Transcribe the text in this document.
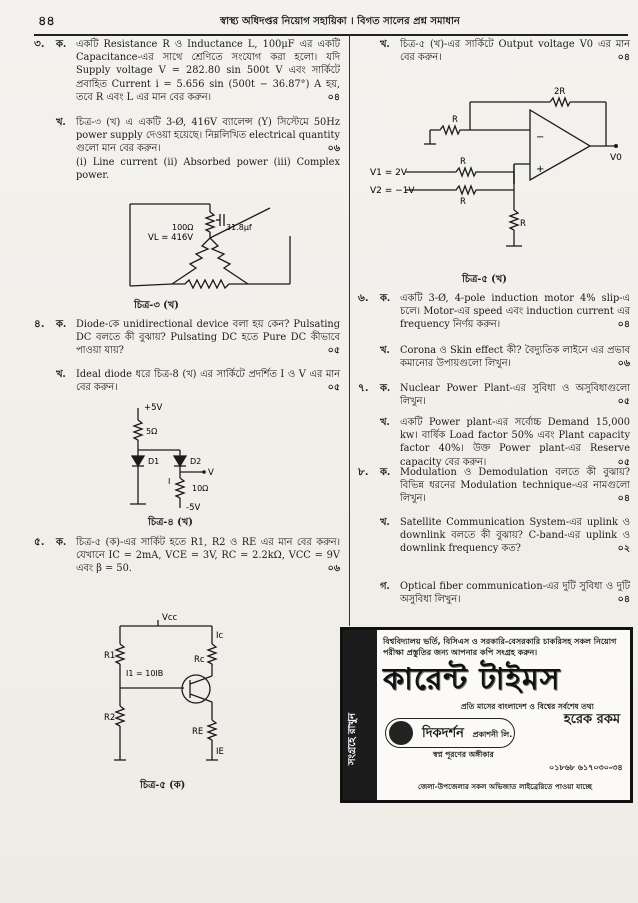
৪৪	স্বাস্থ্য অধিদপ্তর নিয়োগ সহায়িকা । বিগত সালের প্রশ্ন সমাধান
৩. ক. একটি Resistance R ও Inductance L, 100μF এর একটি Capacitance-এর সাথে শ্রেণিতে সংযোগ করা হলো। যদি Supply voltage V = 282.80 sin 500t V এবং সার্কিটে প্রবাহিত Current i = 5.656 sin (500t − 36.87°) A হয়, তবে R এবং L এর মান বের করুন।	০৪
খ. চিত্র-৩ (খ) এ একটি 3-Ø, 416V ব্যালেন্স (Y) সিস্টেমে 50Hz power supply দেওয়া হয়েছে। নিম্নলিখিত electrical quantity গুলো মান বের করুন।	০৬
(i) Line current (ii) Absorbed power (iii) Complex power.
VL = 416V
100Ω	31.8μf
চিত্র-৩ (খ)
৪. ক. Diode-কে unidirectional device বলা হয় কেন? Pulsating DC বলতে কী বুঝায়? Pulsating DC হতে Pure DC কীভাবে পাওয়া যায়?	০৫
খ. Ideal diode ধরে চিত্র-8 (খ) এর সার্কিটে প্রদর্শিত I ও V এর মান বের করুন।	০৫
+5V
5Ω
D1	D2
V
I
10Ω
-5V
চিত্র-৪ (খ)
৫. ক. চিত্র-৫ (ক)-এর সার্কিট হতে R1, R2 ও RE এর মান বের করুন। যেখানে IC = 2mA, VCE = 3V, RC = 2.2kΩ, VCC = 9V এবং β = 50.	০৬
Vcc
R1
I1 = 10IB
Rc
Ic
R2
RE
IE
চিত্র-৫ (ক)
খ. চিত্র-৫ (খ)-এর সার্কিটে Output voltage V0 এর মান বের করুন।	০৪
−
+
2R
R
R
R
R
V1 = 2V
V2 = −1V
V0
চিত্র-৫ (খ)
৬. ক. একটি 3-Ø, 4-pole induction motor 4% slip-এ চলে। Motor-এর speed এবং induction current এর frequency নির্ণয় করুন।	০৪
খ. Corona ও Skin effect কী? বৈদ্যুতিক লাইনে এর প্রভাব কমানোর উপায়গুলো লিখুন।	০৬
৭. ক. Nuclear Power Plant-এর সুবিধা ও অসুবিধাগুলো লিখুন।	০৫
খ. একটি Power plant-এর সর্বোচ্চ Demand 15,000 kw। বার্ষিক Load factor 50% এবং Plant capacity factor 40%। উক্ত Power plant-এর Reserve capacity বের করুন।	০৫
৮. ক. Modulation ও Demodulation বলতে কী বুঝায়? বিভিন্ন ধরনের Modulation technique-এর নামগুলো লিখুন।	০৪
খ. Satellite Communication System-এর uplink ও downlink বলতে কী বুঝায়? C-band-এর uplink ও downlink frequency কত?	০২
গ. Optical fiber communication-এর দুটি সুবিধা ও দুটি অসুবিধা লিখুন।	০৪
সংগ্রহে রাখুন
বিশ্ববিদ্যালয় ভর্তি, বিসিএস ও সরকারি-বেসরকারি চাকরিসহ সকল নিয়োগ পরীক্ষা প্রস্তুতির জন্য আপনার কপি সংগ্রহ করুন।
কারেন্ট টাইমস
প্রতি মাসের বাংলাদেশ ও বিশ্বের সর্বশেষ তথ্য
দিকদর্শন প্রকাশনী লি.
স্বপ্ন পূরণের অঙ্গীকার
হরেক রকম
০১৮৬৮ ৬১৭০৩০-৩৪
জেলা-উপজেলার সকল অভিজাত লাইব্রেরিতে পাওয়া যাচ্ছে
